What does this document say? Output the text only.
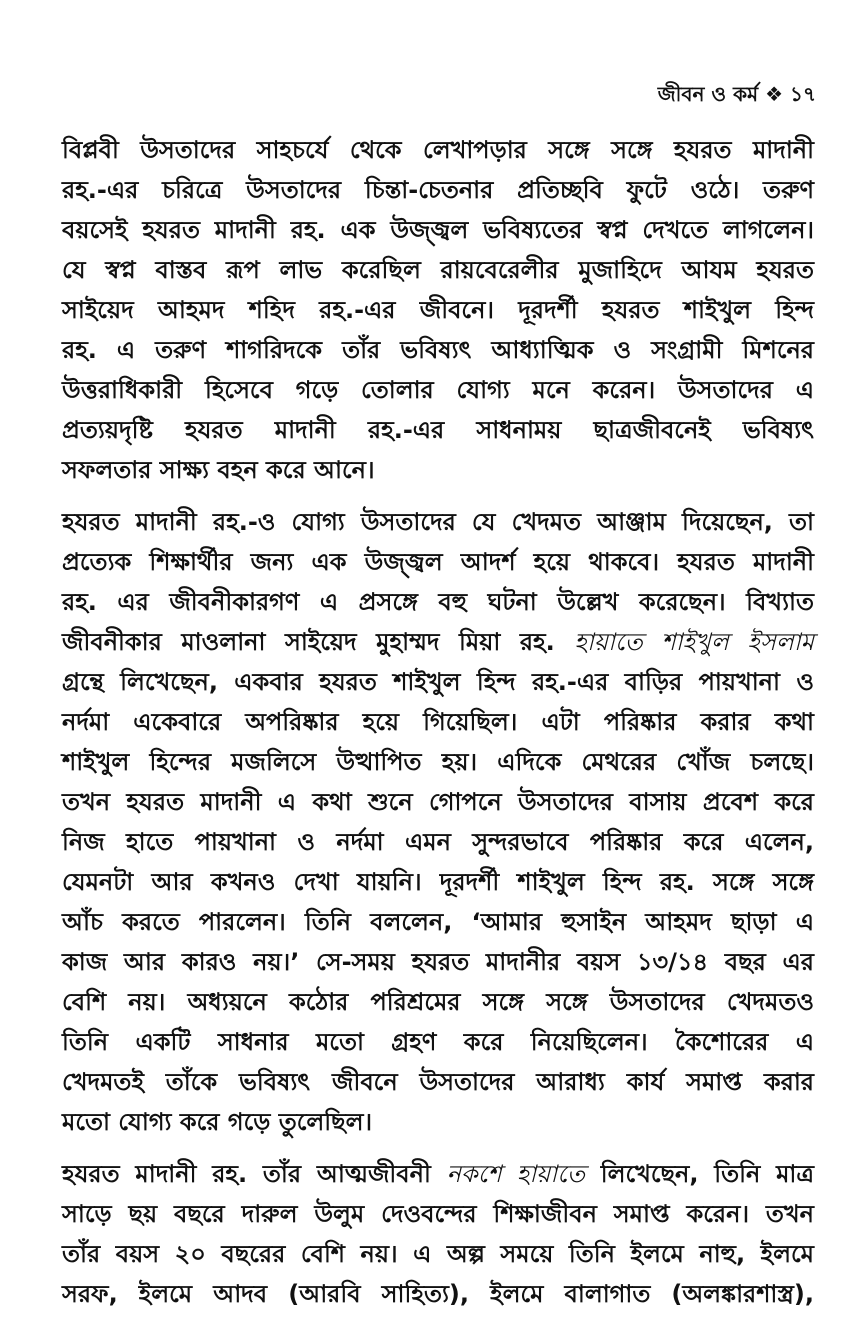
জীবন ও কর্ম ❖ ১৭

বিপ্লবী উসতাদের সাহচর্যে থেকে লেখাপড়ার সঙ্গে সঙ্গে হযরত মাদানী
রহ.-এর চরিত্রে উসতাদের চিন্তা-চেতনার প্রতিচ্ছবি ফুটে ওঠে। তরুণ
বয়সেই হযরত মাদানী রহ. এক উজ্জ্বল ভবিষ্যতের স্বপ্ন দেখতে লাগলেন।
যে স্বপ্ন বাস্তব রূপ লাভ করেছিল রায়বেরেলীর মুজাহিদে আযম হযরত
সাইয়েদ আহমদ শহিদ রহ.-এর জীবনে। দূরদর্শী হযরত শাইখুল হিন্দ
রহ. এ তরুণ শাগরিদকে তাঁর ভবিষ্যৎ আধ্যাত্মিক ও সংগ্রামী মিশনের
উত্তরাধিকারী হিসেবে গড়ে তোলার যোগ্য মনে করেন। উসতাদের এ
প্রত্যয়দৃষ্টি হযরত মাদানী রহ.-এর সাধনাময় ছাত্রজীবনেই ভবিষ্যৎ
সফলতার সাক্ষ্য বহন করে আনে।

হযরত মাদানী রহ.-ও যোগ্য উসতাদের যে খেদমত আঞ্জাম দিয়েছেন, তা
প্রত্যেক শিক্ষার্থীর জন্য এক উজ্জ্বল আদর্শ হয়ে থাকবে। হযরত মাদানী
রহ. এর জীবনীকারগণ এ প্রসঙ্গে বহু ঘটনা উল্লেখ করেছেন। বিখ্যাত
জীবনীকার মাওলানা সাইয়েদ মুহাম্মদ মিয়া রহ. হায়াতে শাইখুল ইসলাম
গ্রন্থে লিখেছেন, একবার হযরত শাইখুল হিন্দ রহ.-এর বাড়ির পায়খানা ও
নর্দমা একেবারে অপরিষ্কার হয়ে গিয়েছিল। এটা পরিষ্কার করার কথা
শাইখুল হিন্দের মজলিসে উত্থাপিত হয়। এদিকে মেথরের খোঁজ চলছে।
তখন হযরত মাদানী এ কথা শুনে গোপনে উসতাদের বাসায় প্রবেশ করে
নিজ হাতে পায়খানা ও নর্দমা এমন সুন্দরভাবে পরিষ্কার করে এলেন,
যেমনটা আর কখনও দেখা যায়নি। দূরদর্শী শাইখুল হিন্দ রহ. সঙ্গে সঙ্গে
আঁচ করতে পারলেন। তিনি বললেন, ‘আমার হুসাইন আহমদ ছাড়া এ
কাজ আর কারও নয়।’ সে-সময় হযরত মাদানীর বয়স ১৩/১৪ বছর এর
বেশি নয়। অধ্যয়নে কঠোর পরিশ্রমের সঙ্গে সঙ্গে উসতাদের খেদমতও
তিনি একটি সাধনার মতো গ্রহণ করে নিয়েছিলেন। কৈশোরের এ
খেদমতই তাঁকে ভবিষ্যৎ জীবনে উসতাদের আরাধ্য কার্য সমাপ্ত করার
মতো যোগ্য করে গড়ে তুলেছিল।

হযরত মাদানী রহ. তাঁর আত্মজীবনী নকশে হায়াতে লিখেছেন, তিনি মাত্র
সাড়ে ছয় বছরে দারুল উলুম দেওবন্দের শিক্ষাজীবন সমাপ্ত করেন। তখন
তাঁর বয়স ২০ বছরের বেশি নয়। এ অল্প সময়ে তিনি ইলমে নাহু, ইলমে
সরফ, ইলমে আদব (আরবি সাহিত্য), ইলমে বালাগাত (অলঙ্কারশাস্ত্র),
